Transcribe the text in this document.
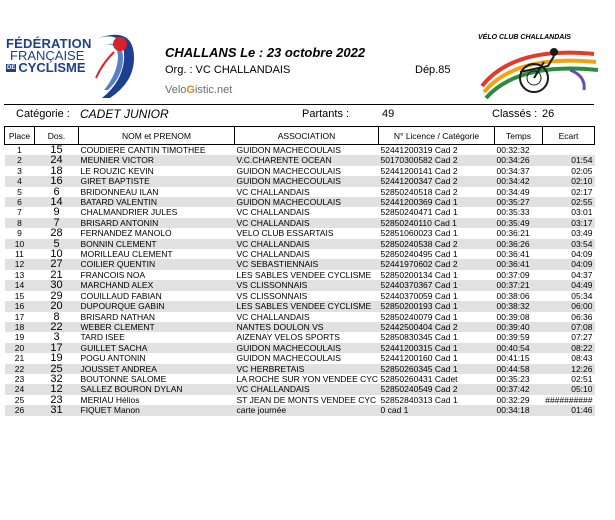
FÉDÉRATION
FRANÇAISE
DE CYCLISME
CHALLANS Le : 23 octobre 2022
Org. : VC CHALLANDAIS	Dép.85
VeloGistic.net
VÉLO CLUB CHALLANDAIS
Catégorie : CADET JUNIOR	Partants :	49	Classés : 26
Place	Dos.	NOM et PRENOM	ASSOCIATION	N° Licence / Catégorie	Temps	Ecart
1	15	COUDIERE CANTIN TIMOTHEE	GUIDON MACHECOULAIS	52441200319 Cad 2	00:32:32	
2	24	MEUNIER VICTOR	V.C.CHARENTE OCEAN	50170300582 Cad 2	00:34:26	01:54
3	18	LE ROUZIC KEVIN	GUIDON MACHECOULAIS	52441200141 Cad 2	00:34:37	02:05
4	16	GIRET BAPTISTE	GUIDON MACHECOULAIS	52441200347 Cad 2	00:34:42	02:10
5	6	BRIDONNEAU ILAN	VC CHALLANDAIS	52850240518 Cad 2	00:34:49	02:17
6	14	BATARD VALENTIN	GUIDON MACHECOULAIS	52441200369 Cad 1	00:35:27	02:55
7	9	CHALMANDRIER JULES	VC CHALLANDAIS	52850240471 Cad 1	00:35:33	03:01
8	7	BRISARD ANTONIN	VC CHALLANDAIS	52850240110 Cad 1	00:35:49	03:17
9	28	FERNANDEZ MANOLO	VELO CLUB ESSARTAIS	52851060023 Cad 1	00:36:21	03:49
10	5	BONNIN CLEMENT	VC CHALLANDAIS	52850240538 Cad 2	00:36:26	03:54
11	10	MORILLEAU CLEMENT	VC CHALLANDAIS	52850240495 Cad 1	00:36:41	04:09
12	27	COILIER QUENTIN	VC SEBASTIENNAIS	52441970602 Cad 2	00:36:41	04:09
13	21	FRANCOIS NOA	LES SABLES VENDEE CYCLISME	52850200134 Cad 1	00:37:09	04:37
14	30	MARCHAND ALEX	VS CLISSONNAIS	52440370367 Cad 1	00:37:21	04:49
15	29	COUILLAUD FABIAN	VS CLISSONNAIS	52440370059 Cad 1	00:38:06	05:34
16	20	DUPOURQUE GABIN	LES SABLES VENDEE CYCLISME	52850200193 Cad 1	00:38:32	06:00
17	8	BRISARD NATHAN	VC CHALLANDAIS	52850240079 Cad 1	00:39:08	06:36
18	22	WEBER CLEMENT	NANTES DOULON VS	52442500404 Cad 2	00:39:40	07:08
19	3	TARD ISEE	AIZENAY VELOS SPORTS	52850830345 Cad 1	00:39:59	07:27
20	17	GUILLET SACHA	GUIDON MACHECOULAIS	52441200315 Cad 1	00:40:54	08:22
21	19	POGU ANTONIN	GUIDON MACHECOULAIS	52441200160 Cad 1	00:41:15	08:43
22	25	JOUSSET ANDREA	VC HERBRETAIS	52850260345 Cad 1	00:44:58	12:26
23	32	BOUTONNE SALOME	LA ROCHE SUR YON VENDEE CYC	52850260431 Cadet	00:35:23	02:51
24	12	SALLEZ BOURON DYLAN	VC CHALLANDAIS	52850240549 Cad 2	00:37:42	05:10
25	23	MERIAU Hélios	ST JEAN DE MONTS VENDEE CYC	52852840313 Cad 1	00:32:29	##########
26	31	FIQUET Manon	carte journée	0 cad 1	00:34:18	01:46
